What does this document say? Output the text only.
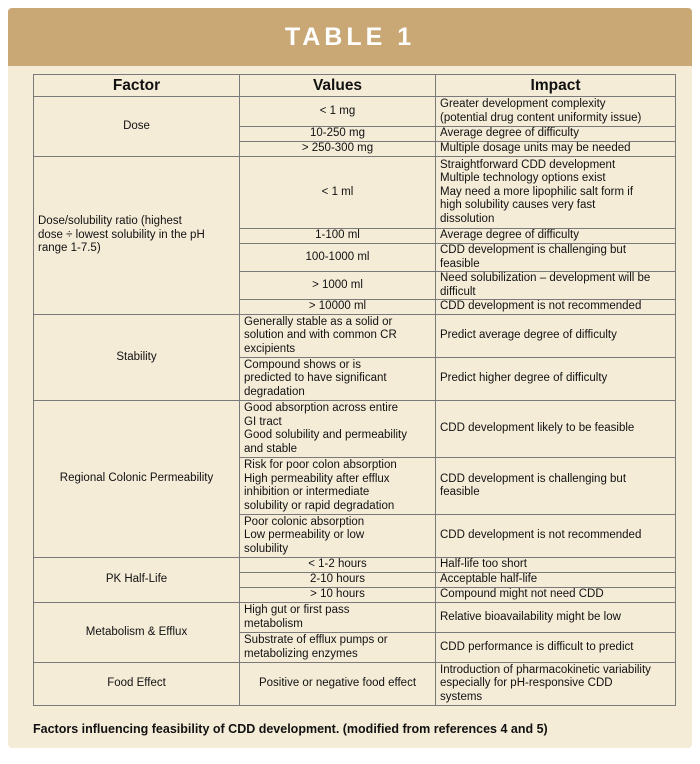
TABLE 1
Factor	Values	Impact

Dose	< 1 mg	Greater development complexity
(potential drug content uniformity issue)

	10-250 mg	Average degree of difficulty

	> 250-300 mg	Multiple dosage units may be needed

Dose/solubility ratio (highest
dose ÷ lowest solubility in the pH
range 1-7.5)	< 1 ml	Straightforward CDD development
Multiple technology options exist
May need a more lipophilic salt form if
high solubility causes very fast
dissolution

	1-100 ml	Average degree of difficulty

	100-1000 ml	CDD development is challenging but
feasible

	> 1000 ml	Need solubilization – development will be
difficult

	> 10000 ml	CDD development is not recommended

Stability	Generally stable as a solid or
solution and with common CR
excipients	Predict average degree of difficulty

	Compound shows or is
predicted to have significant
degradation	Predict higher degree of difficulty

Regional Colonic Permeability	Good absorption across entire
GI tract
Good solubility and permeability
and stable	CDD development likely to be feasible

	Risk for poor colon absorption
High permeability after efflux
inhibition or intermediate
solubility or rapid degradation	CDD development is challenging but
feasible

	Poor colonic absorption
Low permeability or low
solubility	CDD development is not recommended

PK Half-Life	< 1-2 hours	Half-life too short

	2-10 hours	Acceptable half-life

	> 10 hours	Compound might not need CDD

Metabolism & Efflux	High gut or first pass
metabolism	Relative bioavailability might be low

	Substrate of efflux pumps or
metabolizing enzymes	CDD performance is difficult to predict

Food Effect	Positive or negative food effect	Introduction of pharmacokinetic variability
especially for pH-responsive CDD
systems
Factors influencing feasibility of CDD development. (modified from references 4 and 5)
